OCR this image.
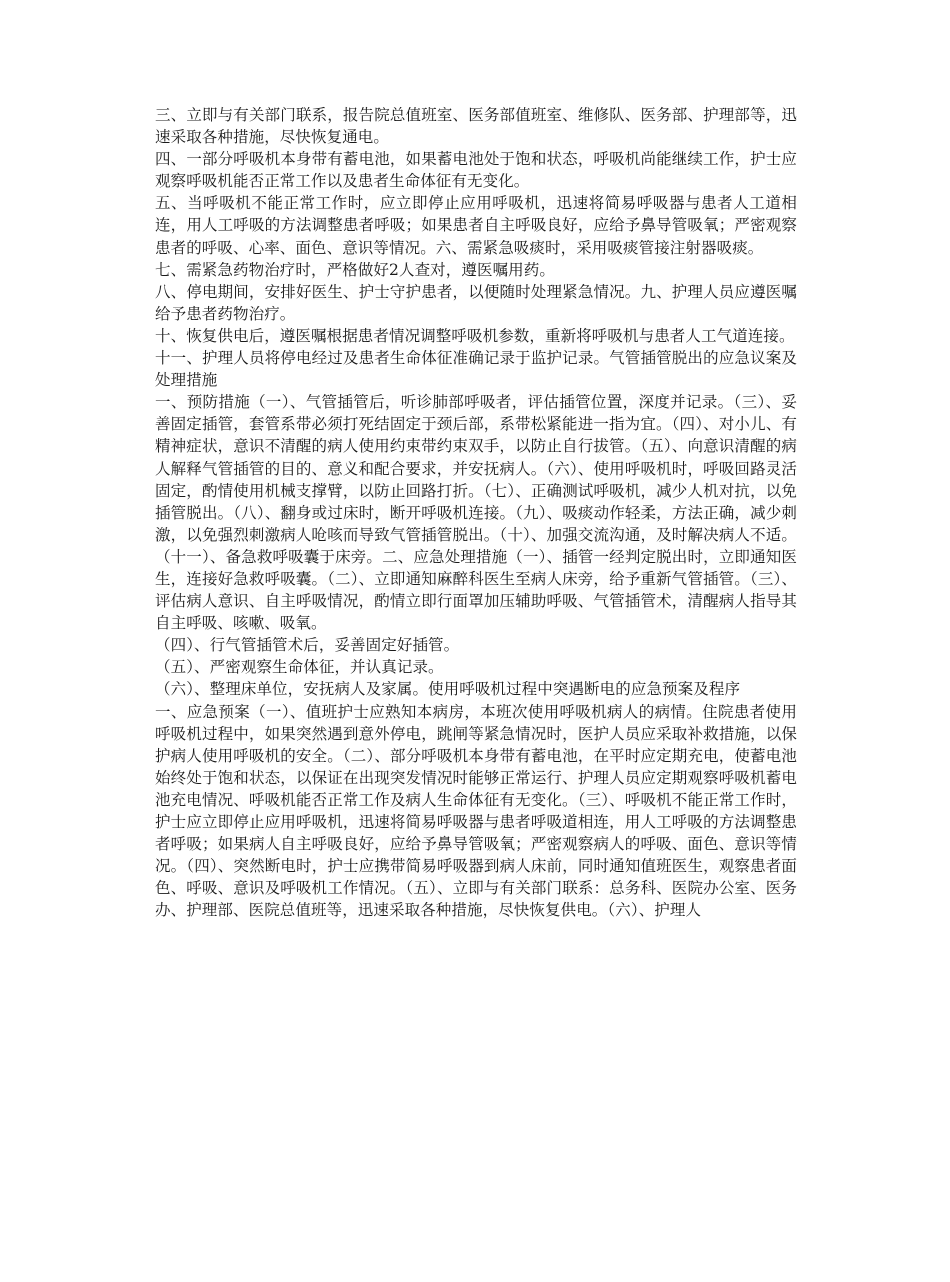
三、立即与有关部门联系，报告院总值班室、医务部值班室、维修队、医务部、护理部等，迅速采取各种措施，尽快恢复通电。

四、一部分呼吸机本身带有蓄电池，如果蓄电池处于饱和状态，呼吸机尚能继续工作，护士应观察呼吸机能否正常工作以及患者生命体征有无变化。

五、当呼吸机不能正常工作时，应立即停止应用呼吸机，迅速将简易呼吸器与患者人工道相连，用人工呼吸的方法调整患者呼吸；如果患者自主呼吸良好，应给予鼻导管吸氧；严密观察患者的呼吸、心率、面色、意识等情况。六、需紧急吸痰时，采用吸痰管接注射器吸痰。

七、需紧急药物治疗时，严格做好2人查对，遵医嘱用药。

八、停电期间，安排好医生、护士守护患者，以便随时处理紧急情况。九、护理人员应遵医嘱给予患者药物治疗。

十、恢复供电后，遵医嘱根据患者情况调整呼吸机参数，重新将呼吸机与患者人工气道连接。

十一、护理人员将停电经过及患者生命体征准确记录于监护记录。气管插管脱出的应急议案及处理措施

一、预防措施（一）、气管插管后，听诊肺部呼吸者，评估插管位置，深度并记录。（三）、妥善固定插管，套管系带必须打死结固定于颈后部，系带松紧能进一指为宜。（四）、对小儿、有精神症状，意识不清醒的病人使用约束带约束双手，以防止自行拔管。（五）、向意识清醒的病人解释气管插管的目的、意义和配合要求，并安抚病人。（六）、使用呼吸机时，呼吸回路灵活固定，酌情使用机械支撑臂，以防止回路打折。（七）、正确测试呼吸机，减少人机对抗，以免插管脱出。（八）、翻身或过床时，断开呼吸机连接。（九）、吸痰动作轻柔，方法正确，减少刺激，以免强烈刺激病人呛咳而导致气管插管脱出。（十）、加强交流沟通，及时解决病人不适。（十一）、备急救呼吸囊于床旁。二、应急处理措施（一）、插管一经判定脱出时，立即通知医生，连接好急救呼吸囊。（二）、立即通知麻醉科医生至病人床旁，给予重新气管插管。（三）、评估病人意识、自主呼吸情况，酌情立即行面罩加压辅助呼吸、气管插管术，清醒病人指导其自主呼吸、咳嗽、吸氧。

（四）、行气管插管术后，妥善固定好插管。

（五）、严密观察生命体征，并认真记录。

（六）、整理床单位，安抚病人及家属。使用呼吸机过程中突遇断电的应急预案及程序

一、应急预案（一）、值班护士应熟知本病房，本班次使用呼吸机病人的病情。住院患者使用呼吸机过程中，如果突然遇到意外停电，跳闸等紧急情况时，医护人员应采取补救措施，以保护病人使用呼吸机的安全。（二）、部分呼吸机本身带有蓄电池，在平时应定期充电，使蓄电池始终处于饱和状态，以保证在出现突发情况时能够正常运行、护理人员应定期观察呼吸机蓄电池充电情况、呼吸机能否正常工作及病人生命体征有无变化。（三）、呼吸机不能正常工作时，护士应立即停止应用呼吸机，迅速将简易呼吸器与患者呼吸道相连，用人工呼吸的方法调整患者呼吸；如果病人自主呼吸良好，应给予鼻导管吸氧；严密观察病人的呼吸、面色、意识等情况。（四）、突然断电时，护士应携带简易呼吸器到病人床前，同时通知值班医生，观察患者面色、呼吸、意识及呼吸机工作情况。（五）、立即与有关部门联系：总务科、医院办公室、医务办、护理部、医院总值班等，迅速采取各种措施，尽快恢复供电。（六）、护理人
